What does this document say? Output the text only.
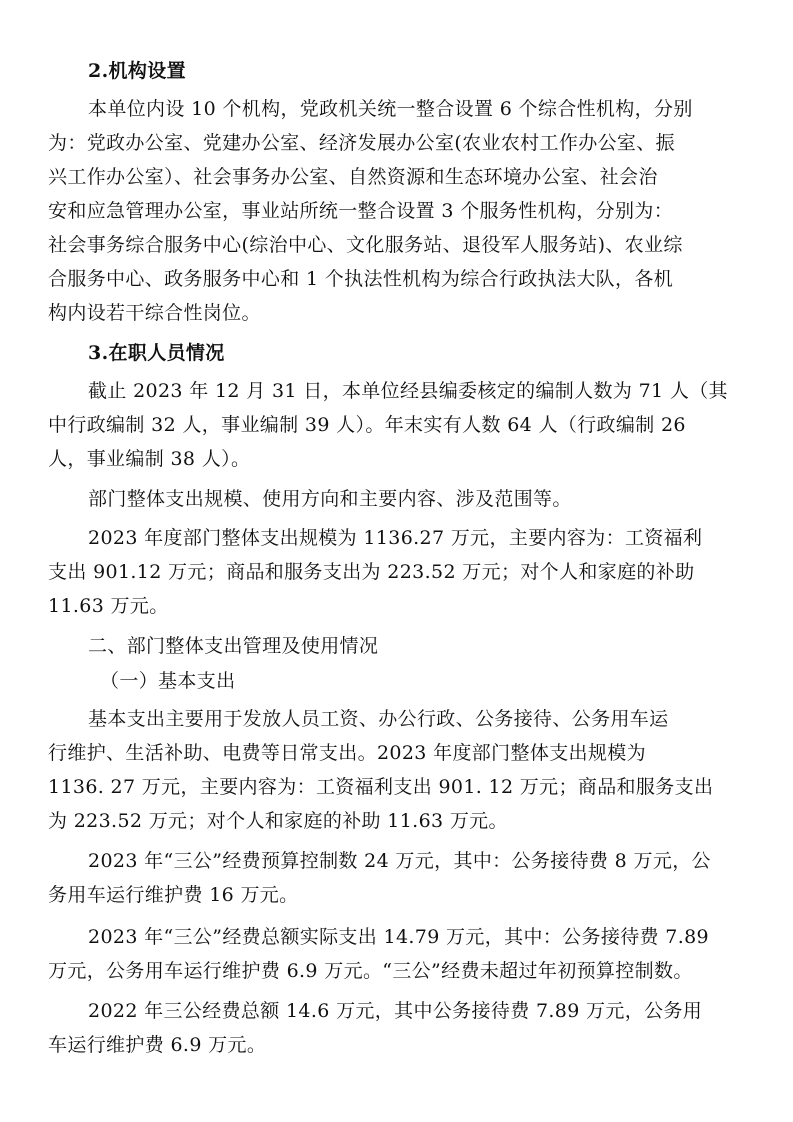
2.机构设置
本单位内设 10 个机构，党政机关统一整合设置 6 个综合性机构，分别
为：党政办公室、党建办公室、经济发展办公室(农业农村工作办公室、振
兴工作办公室）、社会事务办公室、自然资源和生态环境办公室、社会治
安和应急管理办公室，事业站所统一整合设置 3 个服务性机构，分别为：
社会事务综合服务中心(综治中心、文化服务站、退役军人服务站)、农业综
合服务中心、政务服务中心和 1 个执法性机构为综合行政执法大队，各机
构内设若干综合性岗位。
3.在职人员情况
截止 2023 年 12 月 31 日，本单位经县编委核定的编制人数为 71 人（其
中行政编制 32 人，事业编制 39 人）。年末实有人数 64 人（行政编制 26
人，事业编制 38 人）。
部门整体支出规模、使用方向和主要内容、涉及范围等。
2023 年度部门整体支出规模为 1136.27 万元，主要内容为：工资福利
支出 901.12 万元；商品和服务支出为 223.52 万元；对个人和家庭的补助
11.63 万元。
二、部门整体支出管理及使用情况
（一）基本支出
基本支出主要用于发放人员工资、办公行政、公务接待、公务用车运
行维护、生活补助、电费等日常支出。2023 年度部门整体支出规模为
1136. 27 万元，主要内容为：工资福利支出 901. 12 万元；商品和服务支出
为 223.52 万元；对个人和家庭的补助 11.63 万元。
2023 年“三公”经费预算控制数 24 万元，其中：公务接待费 8 万元，公
务用车运行维护费 16 万元。
2023 年“三公”经费总额实际支出 14.79 万元，其中：公务接待费 7.89
万元，公务用车运行维护费 6.9 万元。“三公”经费未超过年初预算控制数。
2022 年三公经费总额 14.6 万元，其中公务接待费 7.89 万元，公务用
车运行维护费 6.9 万元。
